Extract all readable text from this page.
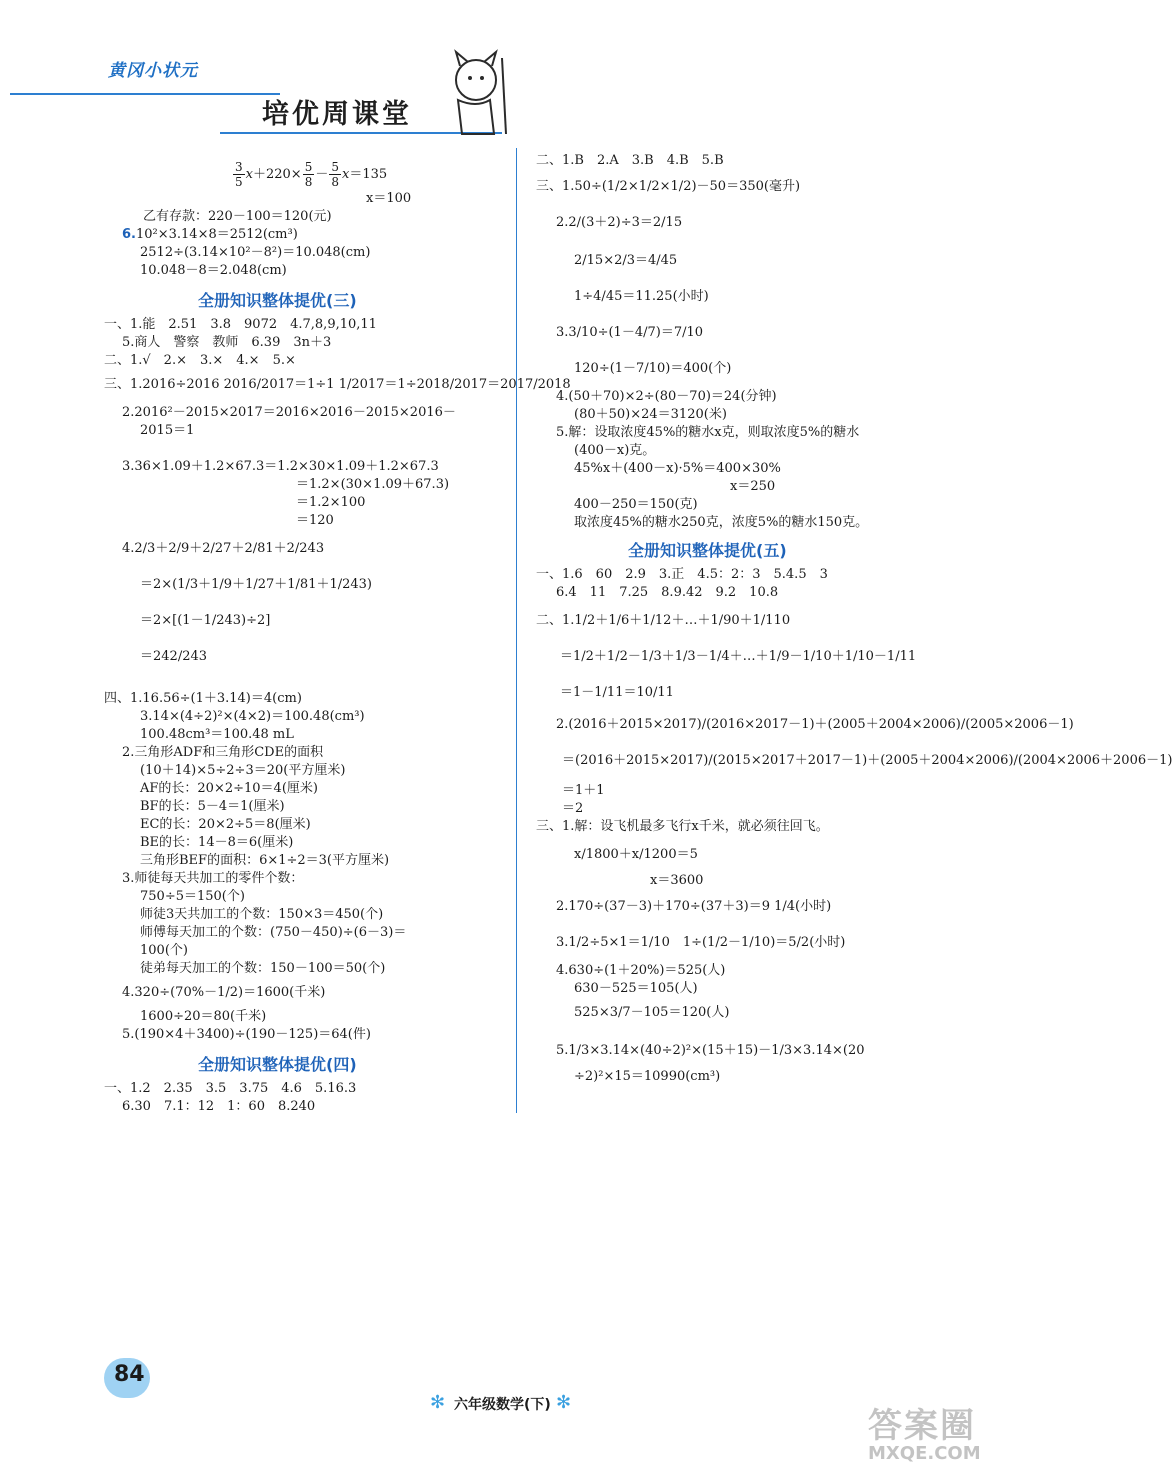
黄冈小状元
培优周课堂
$\frac{3}{5} x+220\times \frac{5}{8} - \frac{5}{8} x=135$
x＝100
乙有存款：220－100＝120(元)
6.10²×3.14×8＝2512(cm³)
2512÷(3.14×10²－8²)＝10.048(cm)
10.048－8＝2.048(cm)
全册知识整体提优(三)
一、1.能　2.51　3.8　9072　4.7,8,9,10,11
5.商人　警察　教师　6.39　3n＋3
二、1.√　2.×　3.×　4.×　5.×
三、1.2016÷2016 2016/2017＝1÷1 1/2017＝1÷2018/2017＝2017/2018
2.2016²－2015×2017＝2016×2016－2015×2016－
2015＝1
3.36×1.09＋1.2×67.3＝1.2×30×1.09＋1.2×67.3
＝1.2×(30×1.09＋67.3)
＝1.2×100
＝120
4.2/3＋2/9＋2/27＋2/81＋2/243
＝2×(1/3＋1/9＋1/27＋1/81＋1/243)
＝2×[(1－1/243)÷2]
＝242/243
四、1.16.56÷(1＋3.14)＝4(cm)
3.14×(4÷2)²×(4×2)＝100.48(cm³)
100.48cm³＝100.48 mL
2.三角形ADF和三角形CDE的面积
(10＋14)×5÷2÷3＝20(平方厘米)
AF的长：20×2÷10＝4(厘米)
BF的长：5－4＝1(厘米)
EC的长：20×2÷5＝8(厘米)
BE的长：14－8＝6(厘米)
三角形BEF的面积：6×1÷2＝3(平方厘米)
3.师徒每天共加工的零件个数：
750÷5＝150(个)
师徒3天共加工的个数：150×3＝450(个)
师傅每天加工的个数：(750－450)÷(6－3)＝
100(个)
徒弟每天加工的个数：150－100＝50(个)
4.320÷(70%－1/2)＝1600(千米)
1600÷20＝80(千米)
5.(190×4＋3400)÷(190－125)＝64(件)
全册知识整体提优(四)
一、1.2　2.35　3.5　3.75　4.6　5.16.3
6.30　7.1：12　1：60　8.240
二、1.B　2.A　3.B　4.B　5.B
三、1.50÷(1/2×1/2×1/2)－50＝350(毫升)
2.2/(3＋2)÷3＝2/15
2/15×2/3＝4/45
1÷4/45＝11.25(小时)
3.3/10÷(1－4/7)＝7/10
120÷(1－7/10)＝400(个)
4.(50＋70)×2÷(80－70)＝24(分钟)
(80＋50)×24＝3120(米)
5.解：设取浓度45%的糖水x克，则取浓度5%的糖水
(400－x)克。
45%x＋(400－x)·5%＝400×30%
x＝250
400－250＝150(克)
取浓度45%的糖水250克，浓度5%的糖水150克。
全册知识整体提优(五)
一、1.6　60　2.9　3.正　4.5：2：3　5.4.5　3
6.4　11　7.25　8.9.42　9.2　10.8
二、1.1/2＋1/6＋1/12＋…＋1/90＋1/110
＝1/2＋1/2－1/3＋1/3－1/4＋…＋1/9－1/10＋1/10－1/11
＝1－1/11＝10/11
2.(2016＋2015×2017)/(2016×2017－1)＋(2005＋2004×2006)/(2005×2006－1)
＝(2016＋2015×2017)/(2015×2017＋2017－1)＋(2005＋2004×2006)/(2004×2006＋2006－1)
＝1＋1
＝2
三、1.解：设飞机最多飞行x千米，就必须往回飞。
x/1800＋x/1200＝5
x＝3600
2.170÷(37－3)＋170÷(37＋3)＝9 1/4(小时)
3.1/2÷5×1＝1/10　1÷(1/2－1/10)＝5/2(小时)
4.630÷(1＋20%)＝525(人)
630－525＝105(人)
525×3/7－105＝120(人)
5.1/3×3.14×(40÷2)²×(15＋15)－1/3×3.14×(20
÷2)²×15＝10990(cm³)
84
✻ 六年级数学(下) ✻
答案圈
MXQE.COM
